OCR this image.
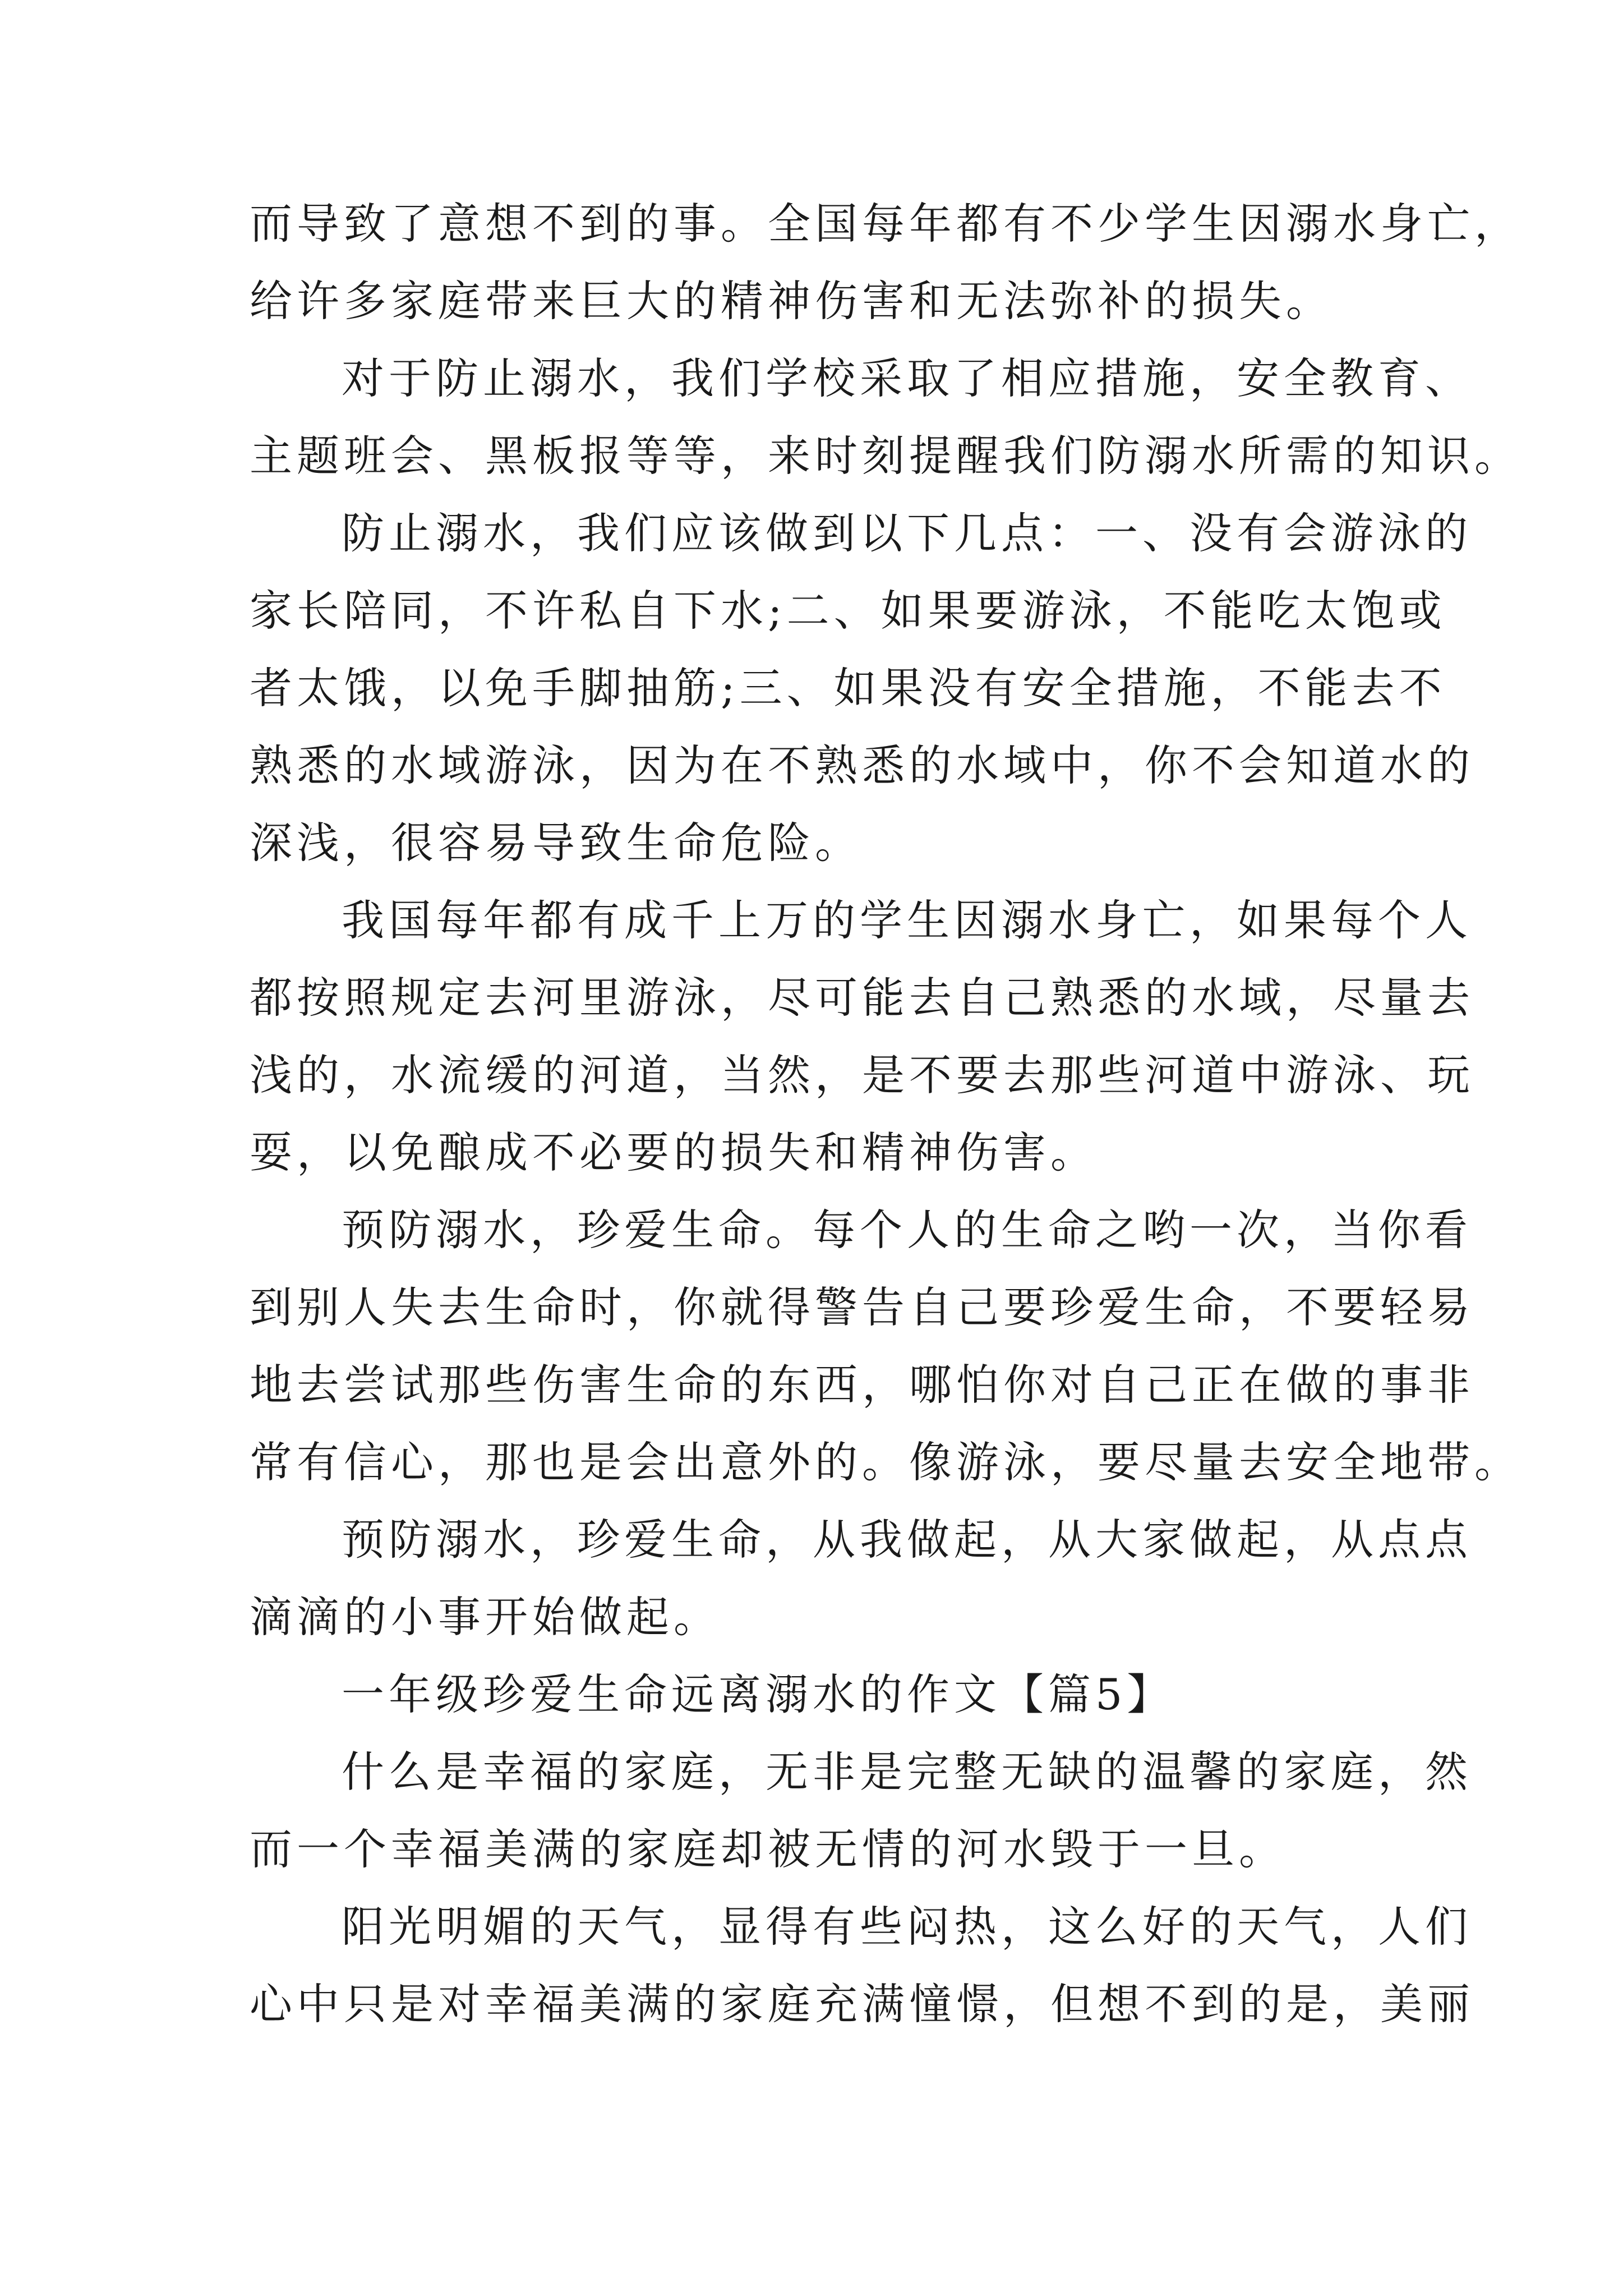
而导致了意想不到的事。全国每年都有不少学生因溺水身亡，

给许多家庭带来巨大的精神伤害和无法弥补的损失。

对于防止溺水，我们学校采取了相应措施，安全教育、

主题班会、黑板报等等，来时刻提醒我们防溺水所需的知识。

防止溺水，我们应该做到以下几点：一、没有会游泳的

家长陪同，不许私自下水;二、如果要游泳，不能吃太饱或

者太饿，以免手脚抽筋;三、如果没有安全措施，不能去不

熟悉的水域游泳，因为在不熟悉的水域中，你不会知道水的

深浅，很容易导致生命危险。

我国每年都有成千上万的学生因溺水身亡，如果每个人

都按照规定去河里游泳，尽可能去自己熟悉的水域，尽量去

浅的，水流缓的河道，当然，是不要去那些河道中游泳、玩

耍，以免酿成不必要的损失和精神伤害。

预防溺水，珍爱生命。每个人的生命之哟一次，当你看

到别人失去生命时，你就得警告自己要珍爱生命，不要轻易

地去尝试那些伤害生命的东西，哪怕你对自己正在做的事非

常有信心，那也是会出意外的。像游泳，要尽量去安全地带。

预防溺水，珍爱生命，从我做起，从大家做起，从点点

滴滴的小事开始做起。

一年级珍爱生命远离溺水的作文【篇5】

什么是幸福的家庭，无非是完整无缺的温馨的家庭，然

而一个幸福美满的家庭却被无情的河水毁于一旦。

阳光明媚的天气，显得有些闷热，这么好的天气，人们

心中只是对幸福美满的家庭充满憧憬，但想不到的是，美丽
